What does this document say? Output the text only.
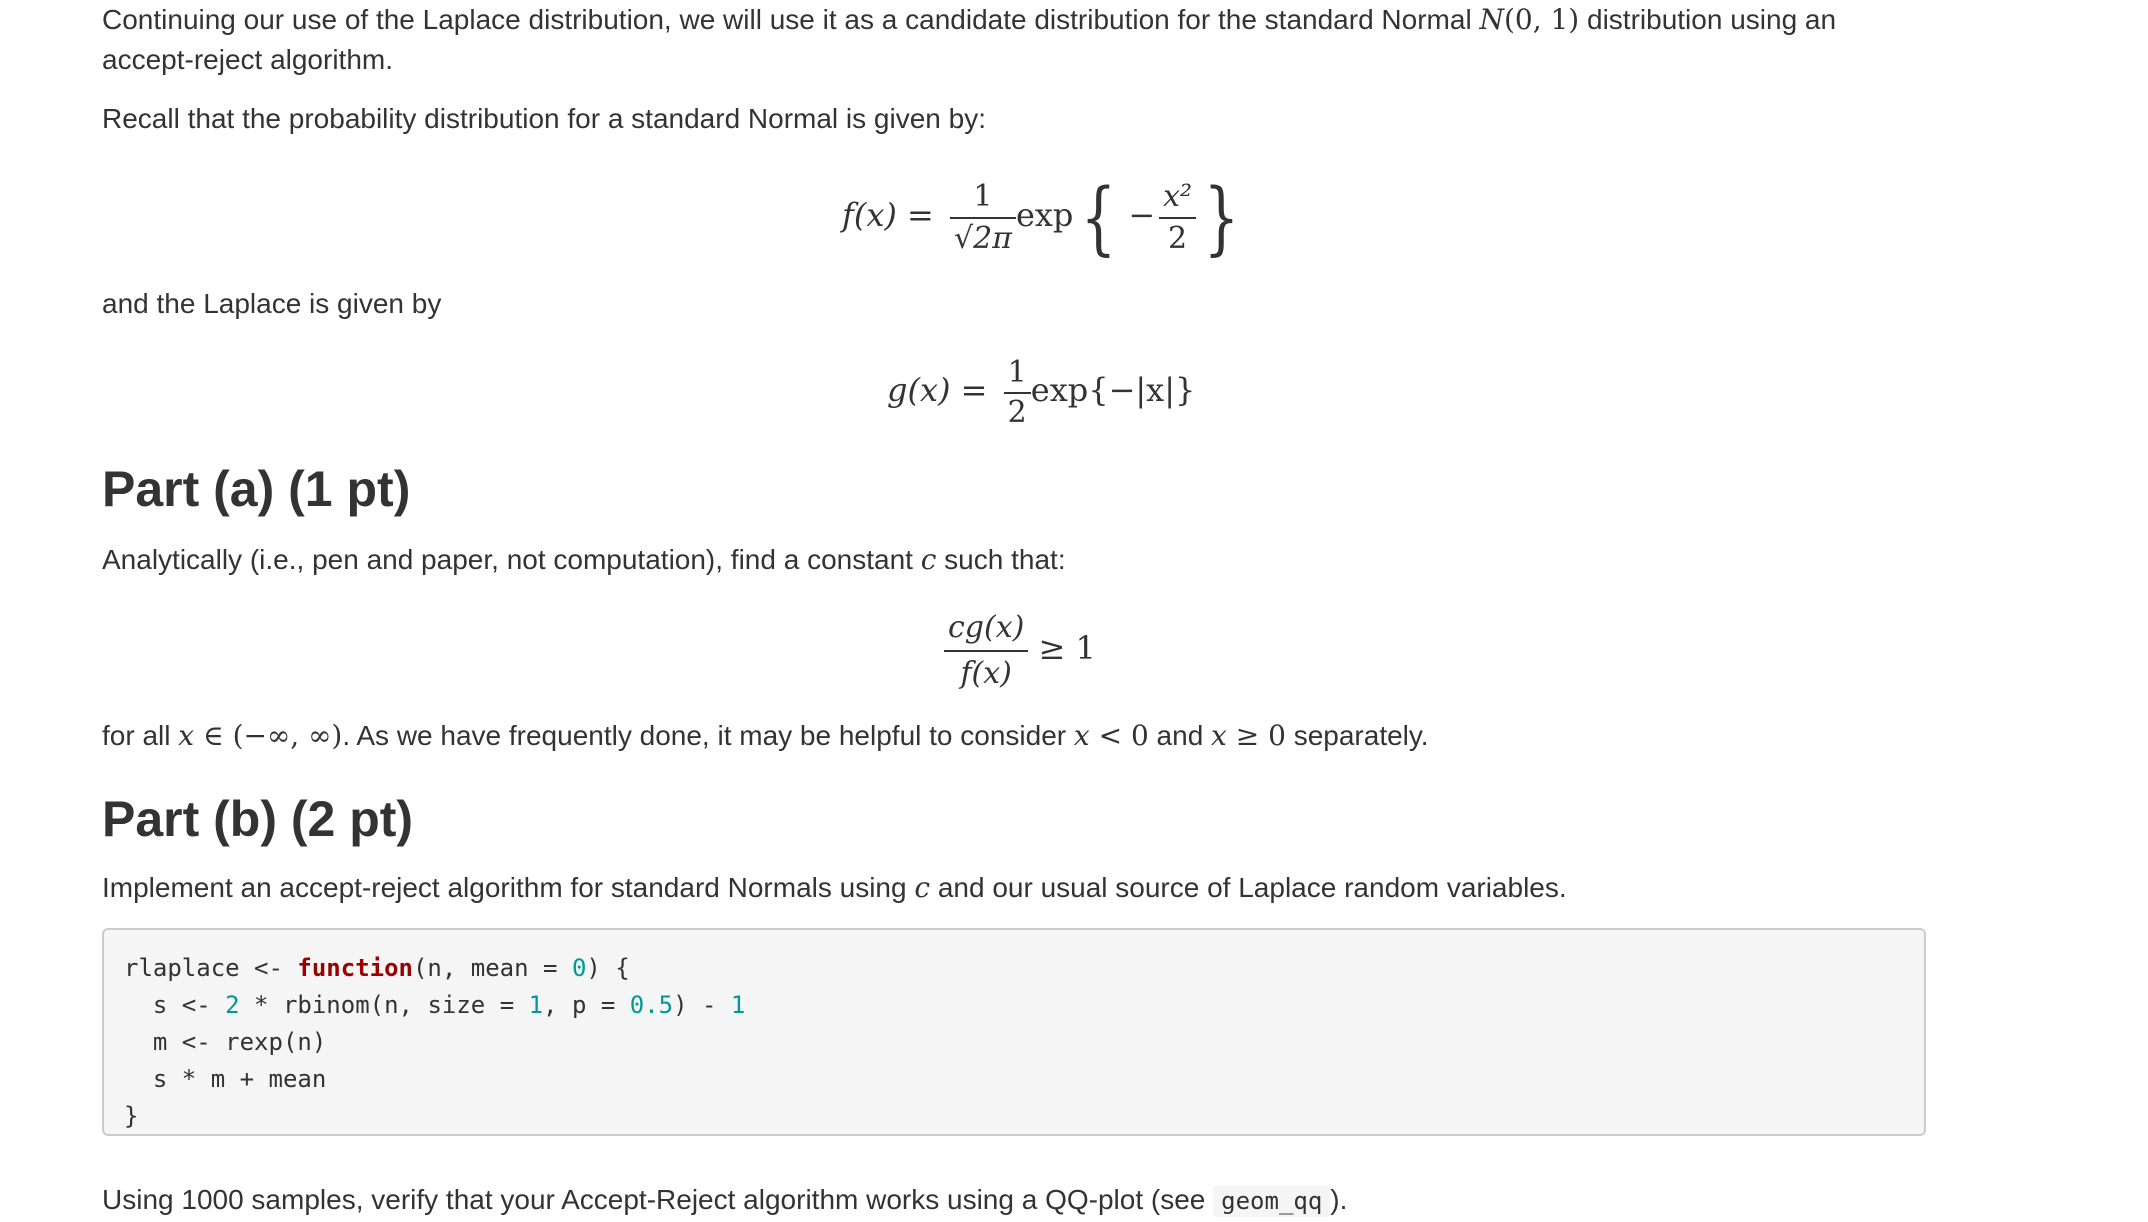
Continuing our use of the Laplace distribution, we will use it as a candidate distribution for the standard Normal N(0, 1) distribution using an
accept-reject algorithm.

Recall that the probability distribution for a standard Normal is given by:

$f(x) = \frac{1}{√2\pi} \exp\{ - \frac{\text{x²}}{2}$ }

and the Laplace is given by

$g(x) = \frac{1}{2} \exp\{-|x|\}$
Part (a) (1 pt)

Analytically (i.e., pen and paper, not computation), find a constant c such that:

$\frac{cg(x)}{f(x)} \ge 1$

for all x ∈ (−∞, ∞). As we have frequently done, it may be helpful to consider x < 0 and x ≥ 0 separately.

Part (b) (2 pt)

Implement an accept-reject algorithm for standard Normals using c and our usual source of Laplace random variables.

rlaplace <- function(n, mean = 0) {
s <- 2 * rbinom(n, size = 1, p = 0.5) - 1
m <- rexp(n)
s * m + mean
}

Using 1000 samples, verify that your Accept-Reject algorithm works using a QQ-plot (see geom_qq ).
